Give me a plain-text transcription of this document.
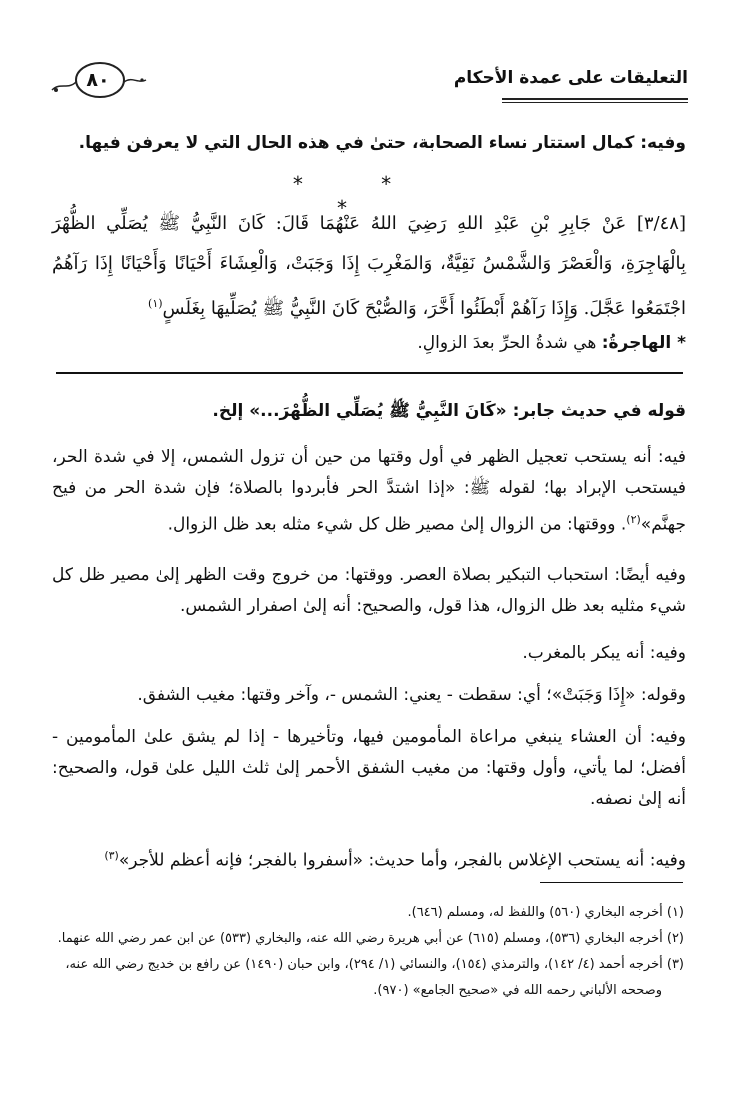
٨٠	التعليقات على عمدة الأحكام
وفيه: كمال استتار نساء الصحابة، حتىٰ في هذه الحال التي لا يعرفن فيها.
* * *
[٣/٤٨] عَنْ جَابِرِ بْنِ عَبْدِ اللهِ رَضِيَ اللهُ عَنْهُمَا قَالَ: كَانَ النَّبِيُّ ﷺ يُصَلِّي الظُّهْرَ بِالْهَاجِرَةِ، وَالْعَصْرَ وَالشَّمْسُ نَقِيَّةٌ، وَالمَغْرِبَ إِذَا وَجَبَتْ، وَالْعِشَاءَ أَحْيَانًا وَأَحْيَانًا إِذَا رَآهُمُ اجْتَمَعُوا عَجَّلَ. وَإِذَا رَآهُمْ أَبْطَئُوا أَخَّرَ، وَالصُّبْحَ كَانَ النَّبِيُّ ﷺ يُصَلِّيهَا بِغَلَسٍ$^{(١)}$
* الهاجرةُ: هي شدةُ الحرِّ بعدَ الزوالِ.
قوله في حديث جابر: «كَانَ النَّبِيُّ ﷺ يُصَلِّي الظُّهْرَ...» إلخ.
فيه: أنه يستحب تعجيل الظهر في أول وقتها من حين أن تزول الشمس، إلا في شدة الحر، فيستحب الإبراد بها؛ لقوله ﷺ: «إذا اشتدَّ الحر فأبردوا بالصلاة؛ فإن شدة الحر من فيح جهنَّم»$^{(٢)}$. ووقتها: من الزوال إلىٰ مصير ظل كل شيء مثله بعد ظل الزوال.
وفيه أيضًا: استحباب التبكير بصلاة العصر. ووقتها: من خروج وقت الظهر إلىٰ مصير ظل كل شيء مثليه بعد ظل الزوال، هذا قول، والصحيح: أنه إلىٰ اصفرار الشمس.
وفيه: أنه يبكر بالمغرب.
وقوله: «إِذَا وَجَبَتْ»؛ أي: سقطت - يعني: الشمس -، وآخر وقتها: مغيب الشفق.
وفيه: أن العشاء ينبغي مراعاة المأمومين فيها، وتأخيرها - إذا لم يشق علىٰ المأمومين - أفضل؛ لما يأتي، وأول وقتها: من مغيب الشفق الأحمر إلىٰ ثلث الليل علىٰ قول، والصحيح: أنه إلىٰ نصفه.
وفيه: أنه يستحب الإغلاس بالفجر، وأما حديث: «أسفروا بالفجر؛ فإنه أعظم للأجر»$^{(٣)}$
(١) أخرجه البخاري (٥٦٠) واللفظ له، ومسلم (٦٤٦).
(٢) أخرجه البخاري (٥٣٦)، ومسلم (٦١٥) عن أبي هريرة رضي الله عنه، والبخاري (٥٣٣) عن ابن عمر رضي الله عنهما.
(٣) أخرجه أحمد (٤/ ١٤٢)، والترمذي (١٥٤)، والنسائي (١/ ٢٩٤)، وابن حبان (١٤٩٠) عن رافع بن خديج رضي الله عنه،
وصححه الألباني رحمه الله في «صحيح الجامع» (٩٧٠).
